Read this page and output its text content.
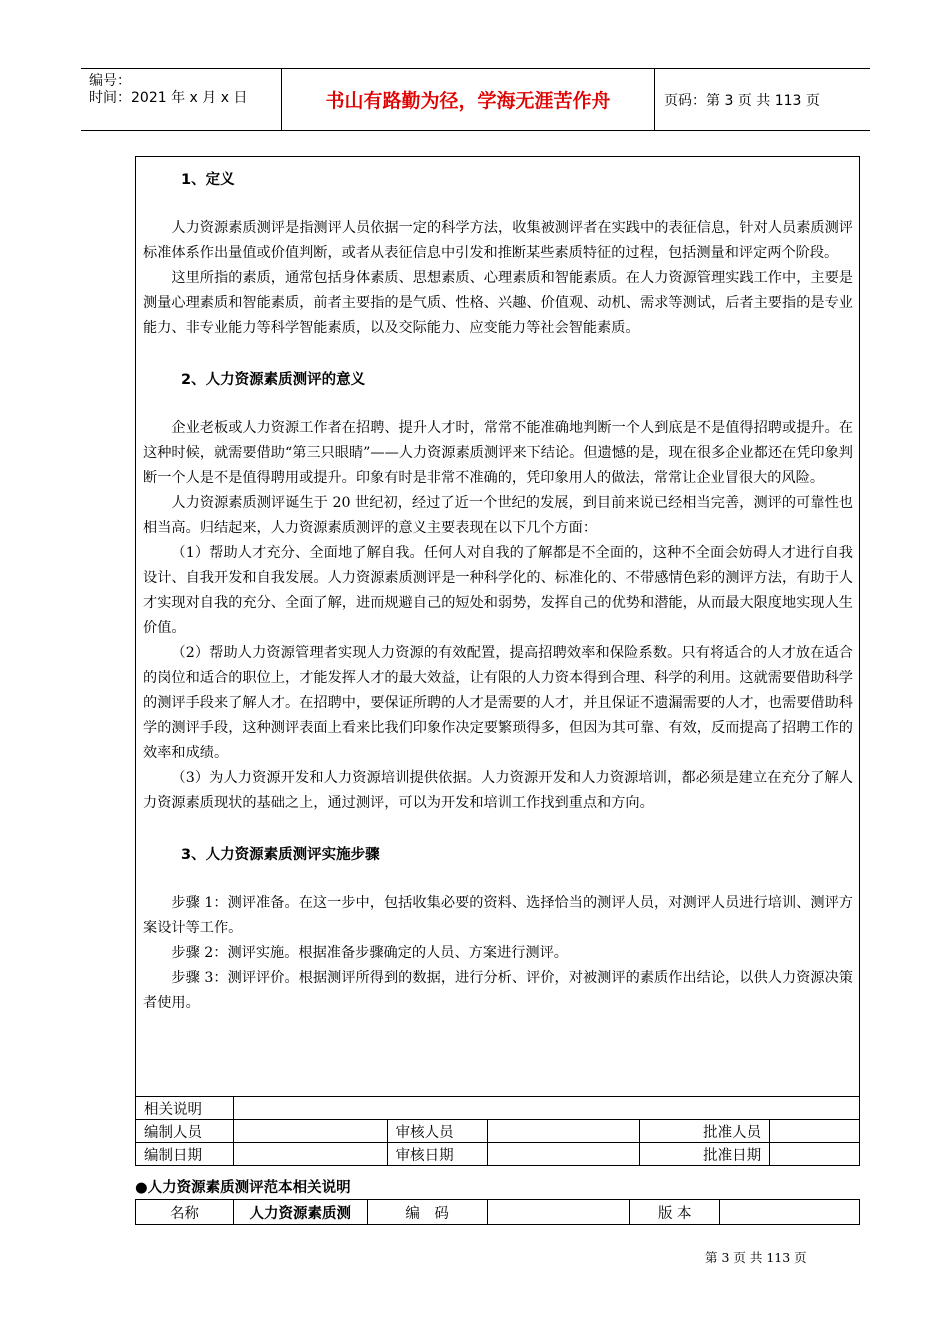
编号：
时间：2021 年 x 月 x 日	书山有路勤为径，学海无涯苦作舟	页码：第 3 页 共 113 页
1、定义

人力资源素质测评是指测评人员依据一定的科学方法，收集被测评者在实践中的表征信息，针对人员素质测评标准体系作出量值或价值判断，或者从表征信息中引发和推断某些素质特征的过程，包括测量和评定两个阶段。

这里所指的素质，通常包括身体素质、思想素质、心理素质和智能素质。在人力资源管理实践工作中，主要是测量心理素质和智能素质，前者主要指的是气质、性格、兴趣、价值观、动机、需求等测试，后者主要指的是专业能力、非专业能力等科学智能素质，以及交际能力、应变能力等社会智能素质。

2、人力资源素质测评的意义

企业老板或人力资源工作者在招聘、提升人才时，常常不能准确地判断一个人到底是不是值得招聘或提升。在这种时候，就需要借助“第三只眼睛”——人力资源素质测评来下结论。但遗憾的是，现在很多企业都还在凭印象判断一个人是不是值得聘用或提升。印象有时是非常不准确的，凭印象用人的做法，常常让企业冒很大的风险。

人力资源素质测评诞生于 20 世纪初，经过了近一个世纪的发展，到目前来说已经相当完善，测评的可靠性也相当高。归结起来，人力资源素质测评的意义主要表现在以下几个方面：

（1）帮助人才充分、全面地了解自我。任何人对自我的了解都是不全面的，这种不全面会妨碍人才进行自我设计、自我开发和自我发展。人力资源素质测评是一种科学化的、标准化的、不带感情色彩的测评方法，有助于人才实现对自我的充分、全面了解，进而规避自己的短处和弱势，发挥自己的优势和潜能，从而最大限度地实现人生价值。

（2）帮助人力资源管理者实现人力资源的有效配置，提高招聘效率和保险系数。只有将适合的人才放在适合的岗位和适合的职位上，才能发挥人才的最大效益，让有限的人力资本得到合理、科学的利用。这就需要借助科学的测评手段来了解人才。在招聘中，要保证所聘的人才是需要的人才，并且保证不遗漏需要的人才，也需要借助科学的测评手段，这种测评表面上看来比我们印象作决定要繁琐得多，但因为其可靠、有效，反而提高了招聘工作的效率和成绩。

（3）为人力资源开发和人力资源培训提供依据。人力资源开发和人力资源培训，都必须是建立在充分了解人力资源素质现状的基础之上，通过测评，可以为开发和培训工作找到重点和方向。

3、人力资源素质测评实施步骤

步骤 1：测评准备。在这一步中，包括收集必要的资料、选择恰当的测评人员，对测评人员进行培训、测评方案设计等工作。

步骤 2：测评实施。根据准备步骤确定的人员、方案进行测评。

步骤 3：测评评价。根据测评所得到的数据，进行分析、评价，对被测评的素质作出结论，以供人力资源决策者使用。

相关说明					
编制人员		审核人员		批准人员	
编制日期		审核日期		批准日期	
●人力资源素质测评范本相关说明
名称	人力资源素质测	编　码		版 本	
第 3 页 共 113 页
